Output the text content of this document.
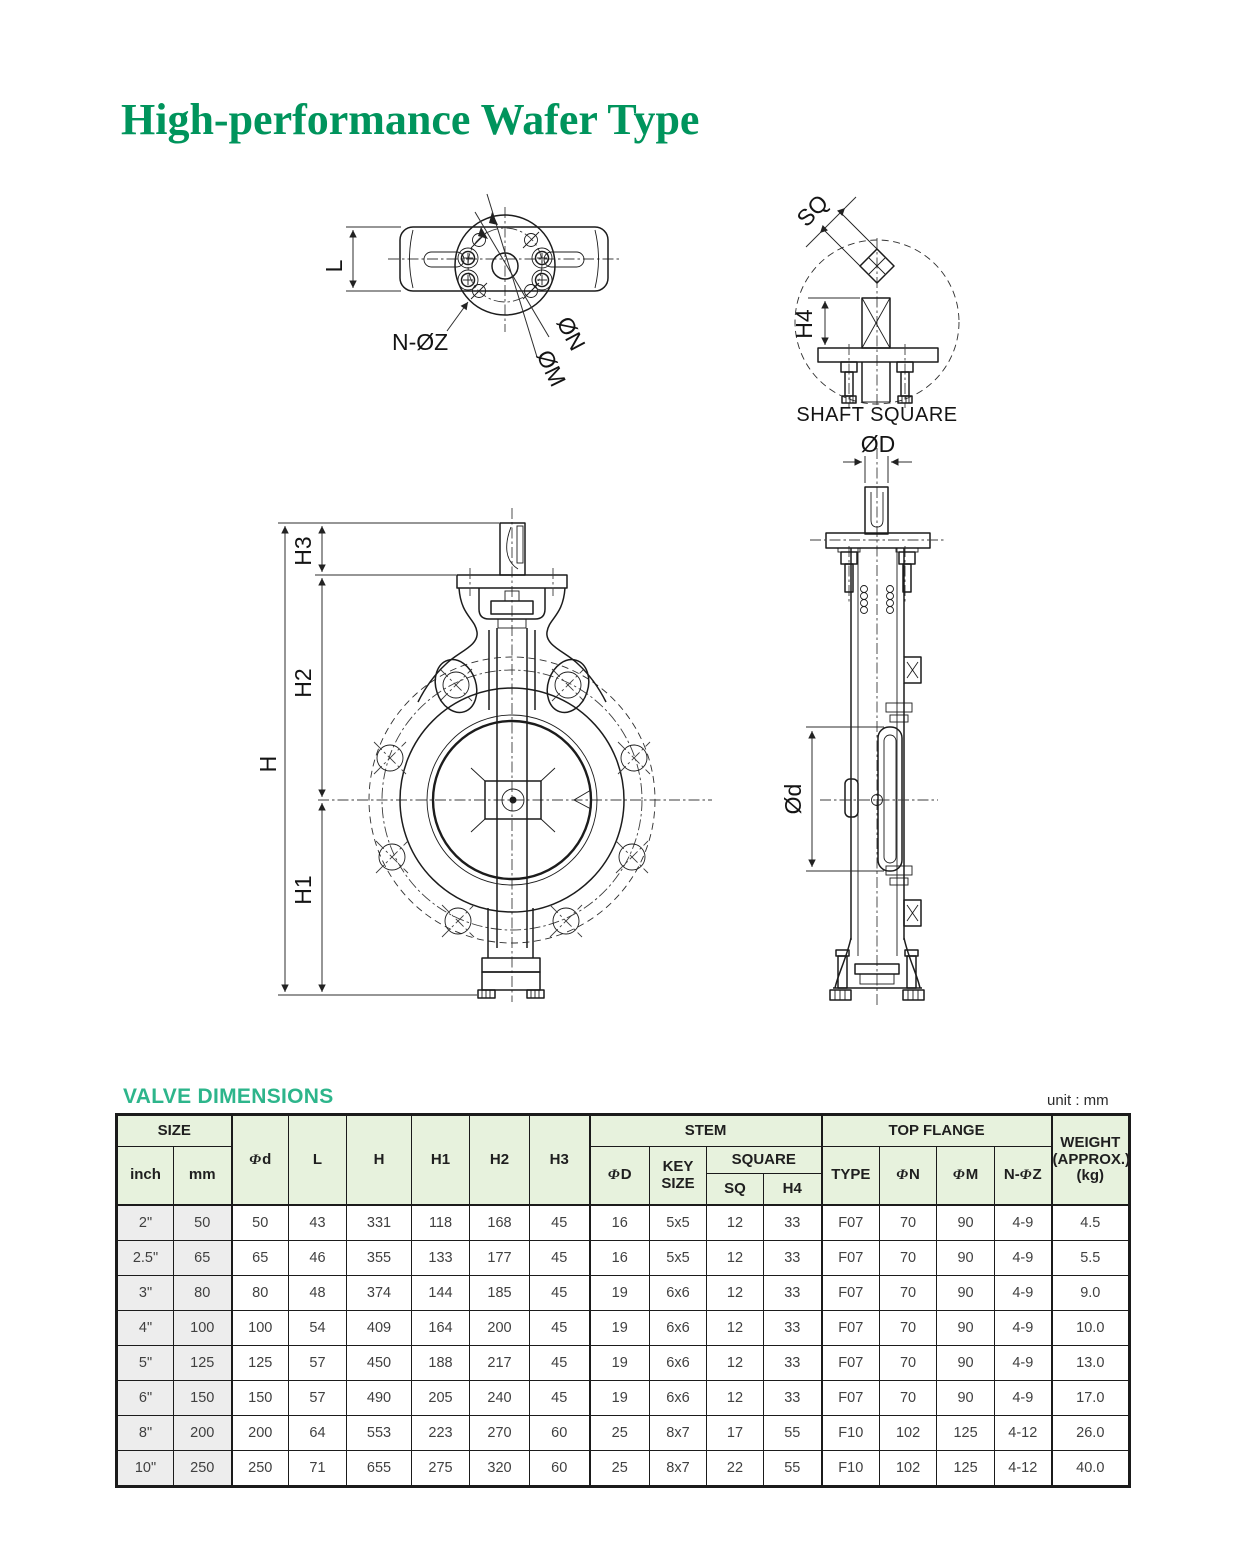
High-performance Wafer Type
L
N-ØZ	ØN
ØM
SQ
H4
SHAFT SQUARE
H
H3
H2
H1
ØD
Ød
VALVE DIMENSIONS	unit : mm
SIZE		Φd	L	H	H1	H2	H3	STEM				TOP FLANGE				WEIGHT
(APPROX.)
(kg)

inch	mm							ΦD	KEY SIZE	SQUARE		TYPE	ΦN	ΦM	N-ΦZ	
										SQ	H4					
2"	50	50	43	331	118	168	45	16	5x5	12	33	F07	70	90	4-9	4.5
2.5"	65	65	46	355	133	177	45	16	5x5	12	33	F07	70	90	4-9	5.5
3"	80	80	48	374	144	185	45	19	6x6	12	33	F07	70	90	4-9	9.0
4"	100	100	54	409	164	200	45	19	6x6	12	33	F07	70	90	4-9	10.0
5"	125	125	57	450	188	217	45	19	6x6	12	33	F07	70	90	4-9	13.0
6"	150	150	57	490	205	240	45	19	6x6	12	33	F07	70	90	4-9	17.0
8"	200	200	64	553	223	270	60	25	8x7	17	55	F10	102	125	4-12	26.0
10"	250	250	71	655	275	320	60	25	8x7	22	55	F10	102	125	4-12	40.0
